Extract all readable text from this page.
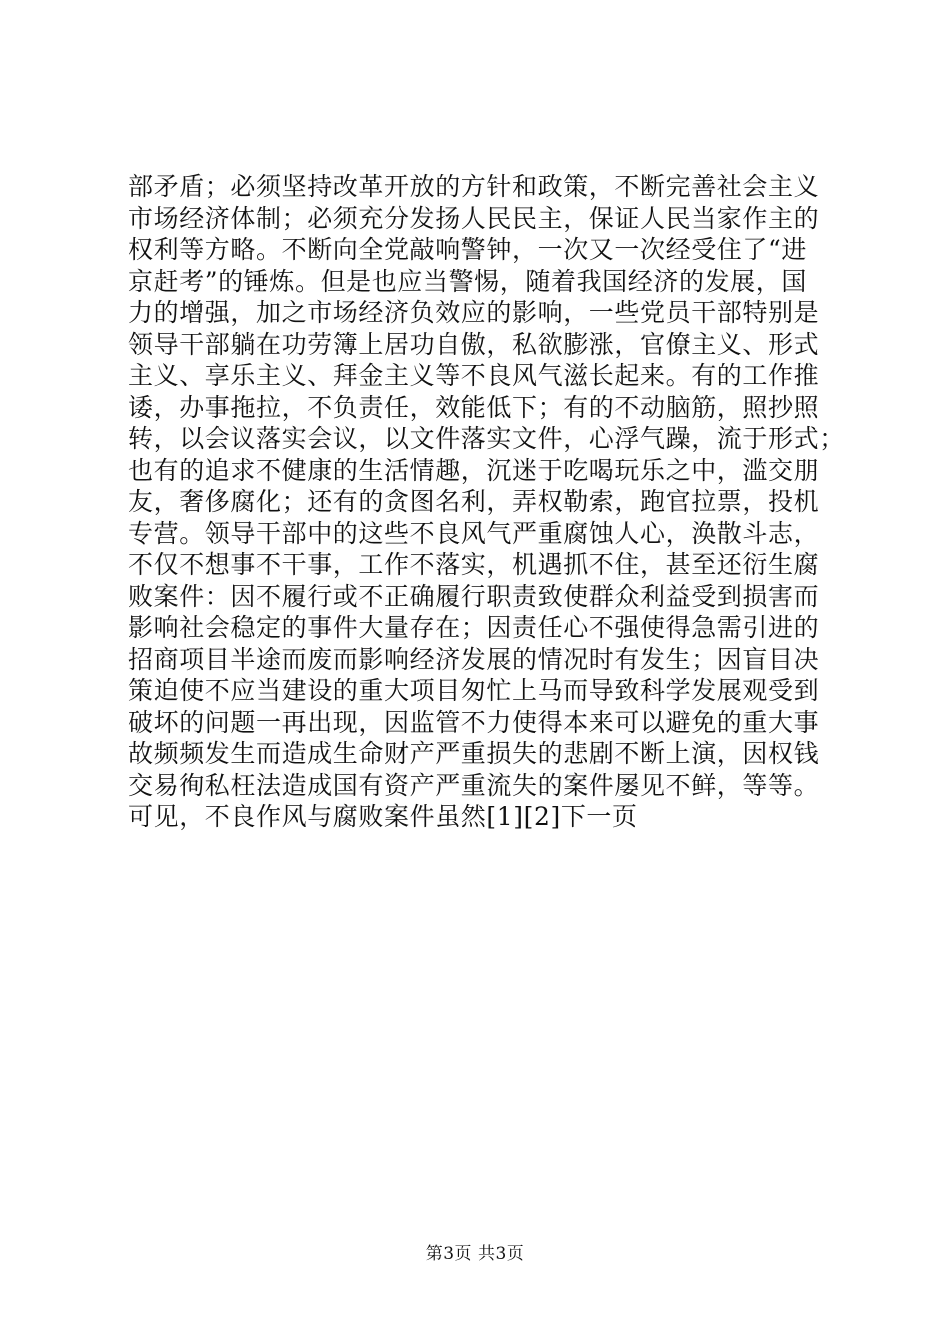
部矛盾；必须坚持改革开放的方针和政策，不断完善社会主义
市场经济体制；必须充分发扬人民民主，保证人民当家作主的
权利等方略。不断向全党敲响警钟，一次又一次经受住了“进
京赶考”的锤炼。但是也应当警惕，随着我国经济的发展，国
力的增强，加之市场经济负效应的影响，一些党员干部特别是
领导干部躺在功劳簿上居功自傲，私欲膨涨，官僚主义、形式
主义、享乐主义、拜金主义等不良风气滋长起来。有的工作推
诿，办事拖拉，不负责任，效能低下；有的不动脑筋，照抄照
转，以会议落实会议，以文件落实文件，心浮气躁，流于形式；
也有的追求不健康的生活情趣，沉迷于吃喝玩乐之中，滥交朋
友，奢侈腐化；还有的贪图名利，弄权勒索，跑官拉票，投机
专营。领导干部中的这些不良风气严重腐蚀人心，涣散斗志，
不仅不想事不干事，工作不落实，机遇抓不住，甚至还衍生腐
败案件：因不履行或不正确履行职责致使群众利益受到损害而
影响社会稳定的事件大量存在；因责任心不强使得急需引进的
招商项目半途而废而影响经济发展的情况时有发生；因盲目决
策迫使不应当建设的重大项目匆忙上马而导致科学发展观受到
破坏的问题一再出现，因监管不力使得本来可以避免的重大事
故频频发生而造成生命财产严重损失的悲剧不断上演，因权钱
交易徇私枉法造成国有资产严重流失的案件屡见不鲜，等等。
可见，不良作风与腐败案件虽然[1][2]下一页
第3页 共3页
